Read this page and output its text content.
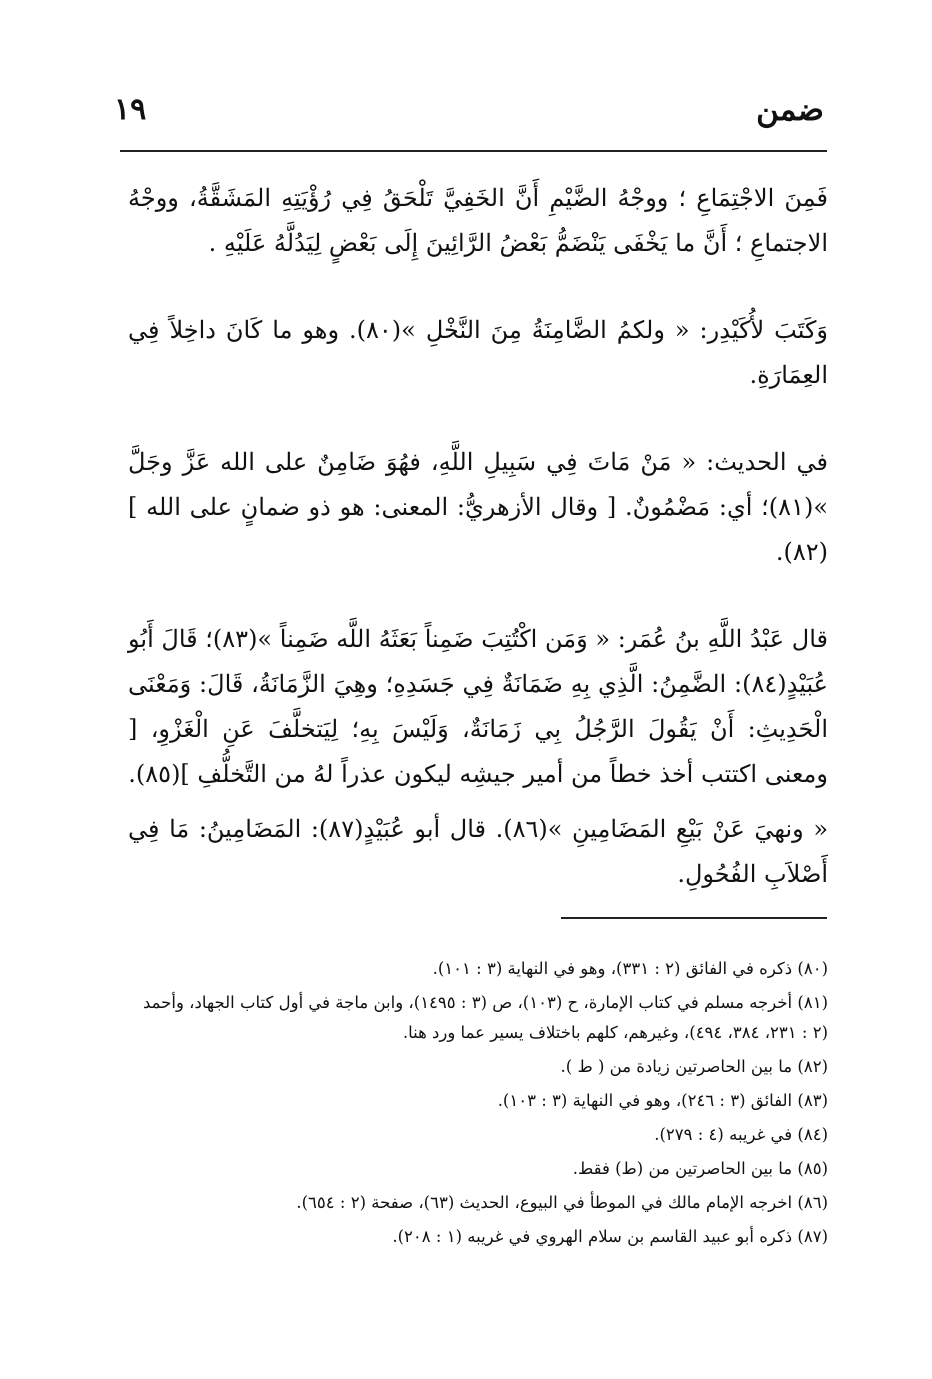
ضمن
١٩

فَمِنَ الاجْتِمَاعِ ؛ ووجْهُ الضَّيْمِ أَنَّ الخَفِيَّ تَلْحَقُ فِي رُؤْيَتِهِ المَشَقَّةُ، ووجْهُ الاجتماعِ ؛ أَنَّ ما يَخْفَى يَنْضَمُّ بَعْضُ الرَّائِينَ إِلَى بَعْضٍ لِيَدُلَّهُ عَلَيْهِ .

وَكَتَبَ لأُكَيْدِر: « ولكمُ الضَّامِنَةُ مِنَ النَّخْلِ »(٨٠). وهو ما كَانَ داخِلاً فِي العِمَارَةِ.

في الحديث: « مَنْ مَاتَ فِي سَبِيلِ اللَّهِ، فهُوَ ضَامِنٌ على الله عَزَّ وجَلَّ »(٨١)؛ أي: مَضْمُونٌ. [ وقال الأزهريُّ: المعنى: هو ذو ضمانٍ على الله ](٨٢).

قال عَبْدُ اللَّهِ بنُ عُمَر: « وَمَن اكْتُتِبَ ضَمِناً بَعَثَهُ اللَّه ضَمِناً »(٨٣)؛ قَالَ أَبُو عُبَيْدٍ(٨٤): الضَّمِنُ: الَّذِي بِهِ ضَمَانَةٌ فِي جَسَدِهِ؛ وهِيَ الزَّمَانَةُ، قَالَ: وَمَعْنَى الْحَدِيثِ: أَنْ يَقُولَ الرَّجُلُ بِي زَمَانَةٌ، وَلَيْسَ بِهِ؛ لِيَتخلَّفَ عَنِ الْغَزْوِ، [ ومعنى اكتتب أخذ خطاً من أمير جيشِه ليكون عذراً لهُ من التَّخلُّفِ ](٨٥).

« ونهيَ عَنْ بَيْعِ المَضَامِينِ »(٨٦). قال أبو عُبَيْدٍ(٨٧): المَضَامِينُ: مَا فِي أَصْلاَبِ الفُحُولِ.

(٨٠) ذكره في الفائق (٢ : ٣٣١)، وهو في النهاية (٣ : ١٠١).

(٨١) أخرجه مسلم في كتاب الإمارة، ح (١٠٣)، ص (٣ : ١٤٩٥)، وابن ماجة في أول كتاب الجهاد، وأحمد (٢ : ٢٣١، ٣٨٤، ٤٩٤)، وغيرهم، كلهم باختلاف يسير عما ورد هنا.

(٨٢) ما بين الحاصرتين زيادة من ( ط ).

(٨٣) الفائق (٣ : ٢٤٦)، وهو في النهاية (٣ : ١٠٣).

(٨٤) في غريبه (٤ : ٢٧٩).

(٨٥) ما بين الحاصرتين من (ط) فقط.

(٨٦) اخرجه الإمام مالك في الموطأ في البيوع، الحديث (٦٣)، صفحة (٢ : ٦٥٤).

(٨٧) ذكره أبو عبيد القاسم بن سلام الهروي في غريبه (١ : ٢٠٨).
